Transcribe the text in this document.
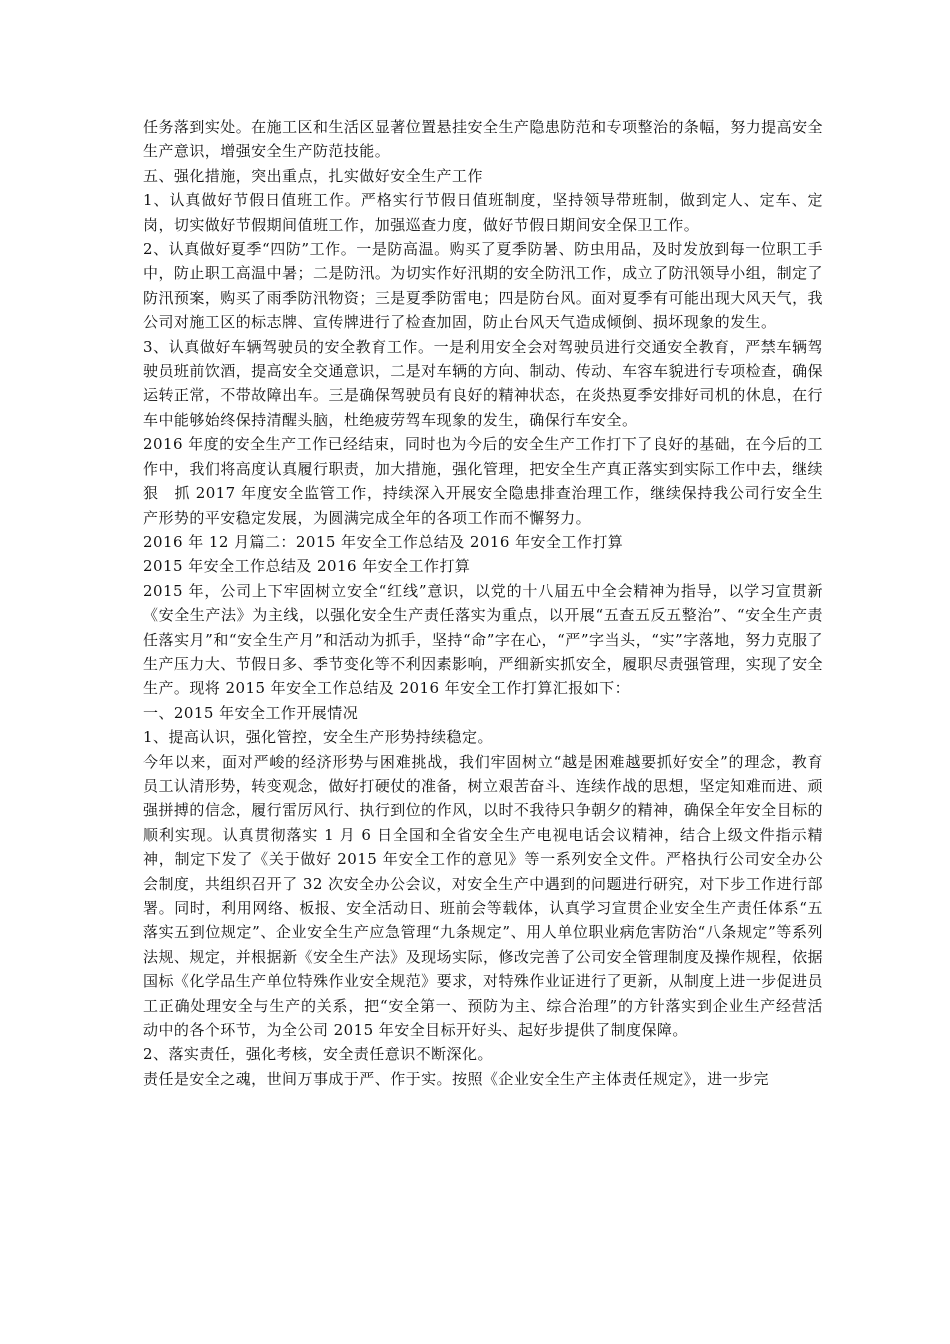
任务落到实处。在施工区和生活区显著位置悬挂安全生产隐患防范和专项整治的条幅，努力提高安全生产意识，增强安全生产防范技能。

五、强化措施，突出重点，扎实做好安全生产工作

1、认真做好节假日值班工作。严格实行节假日值班制度，坚持领导带班制，做到定人、定车、定岗，切实做好节假期间值班工作，加强巡查力度，做好节假日期间安全保卫工作。

2、认真做好夏季“四防”工作。一是防高温。购买了夏季防暑、防虫用品，及时发放到每一位职工手中，防止职工高温中暑；二是防汛。为切实作好汛期的安全防汛工作，成立了防汛领导小组，制定了防汛预案，购买了雨季防汛物资；三是夏季防雷电；四是防台风。面对夏季有可能出现大风天气，我公司对施工区的标志牌、宣传牌进行了检查加固，防止台风天气造成倾倒、损坏现象的发生。

3、认真做好车辆驾驶员的安全教育工作。一是利用安全会对驾驶员进行交通安全教育，严禁车辆驾驶员班前饮酒，提高安全交通意识，二是对车辆的方向、制动、传动、车容车貌进行专项检查，确保运转正常，不带故障出车。三是确保驾驶员有良好的精神状态，在炎热夏季安排好司机的休息，在行车中能够始终保持清醒头脑，杜绝疲劳驾车现象的发生，确保行车安全。

2016 年度的安全生产工作已经结束，同时也为今后的安全生产工作打下了良好的基础，在今后的工作中，我们将高度认真履行职责，加大措施，强化管理，把安全生产真正落实到实际工作中去，继续狠　抓 2017 年度安全监管工作，持续深入开展安全隐患排查治理工作，继续保持我公司行安全生产形势的平安稳定发展，为圆满完成全年的各项工作而不懈努力。

2016 年 12 月篇二：2015 年安全工作总结及 2016 年安全工作打算

2015 年安全工作总结及 2016 年安全工作打算

2015 年，公司上下牢固树立安全“红线”意识，以党的十八届五中全会精神为指导，以学习宣贯新《安全生产法》为主线，以强化安全生产责任落实为重点，以开展“五查五反五整治”、“安全生产责任落实月”和“安全生产月”和活动为抓手，坚持“命”字在心，“严”字当头，“实”字落地，努力克服了生产压力大、节假日多、季节变化等不利因素影响，严细新实抓安全，履职尽责强管理，实现了安全生产。现将 2015 年安全工作总结及 2016 年安全工作打算汇报如下：

一、2015 年安全工作开展情况

1、提高认识，强化管控，安全生产形势持续稳定。

今年以来，面对严峻的经济形势与困难挑战，我们牢固树立“越是困难越要抓好安全”的理念，教育员工认清形势，转变观念，做好打硬仗的准备，树立艰苦奋斗、连续作战的思想，坚定知难而进、顽强拼搏的信念，履行雷厉风行、执行到位的作风，以时不我待只争朝夕的精神，确保全年安全目标的顺利实现。认真贯彻落实 1 月 6 日全国和全省安全生产电视电话会议精神，结合上级文件指示精神，制定下发了《关于做好 2015 年安全工作的意见》等一系列安全文件。严格执行公司安全办公会制度，共组织召开了 32 次安全办公会议，对安全生产中遇到的问题进行研究，对下步工作进行部署。同时，利用网络、板报、安全活动日、班前会等载体，认真学习宣贯企业安全生产责任体系“五落实五到位规定”、企业安全生产应急管理“九条规定”、用人单位职业病危害防治“八条规定”等系列法规、规定，并根据新《安全生产法》及现场实际，修改完善了公司安全管理制度及操作规程，依据国标《化学品生产单位特殊作业安全规范》要求，对特殊作业证进行了更新，从制度上进一步促进员工正确处理安全与生产的关系，把“安全第一、预防为主、综合治理”的方针落实到企业生产经营活动中的各个环节，为全公司 2015 年安全目标开好头、起好步提供了制度保障。

2、落实责任，强化考核，安全责任意识不断深化。

责任是安全之魂，世间万事成于严、作于实。按照《企业安全生产主体责任规定》，进一步完
